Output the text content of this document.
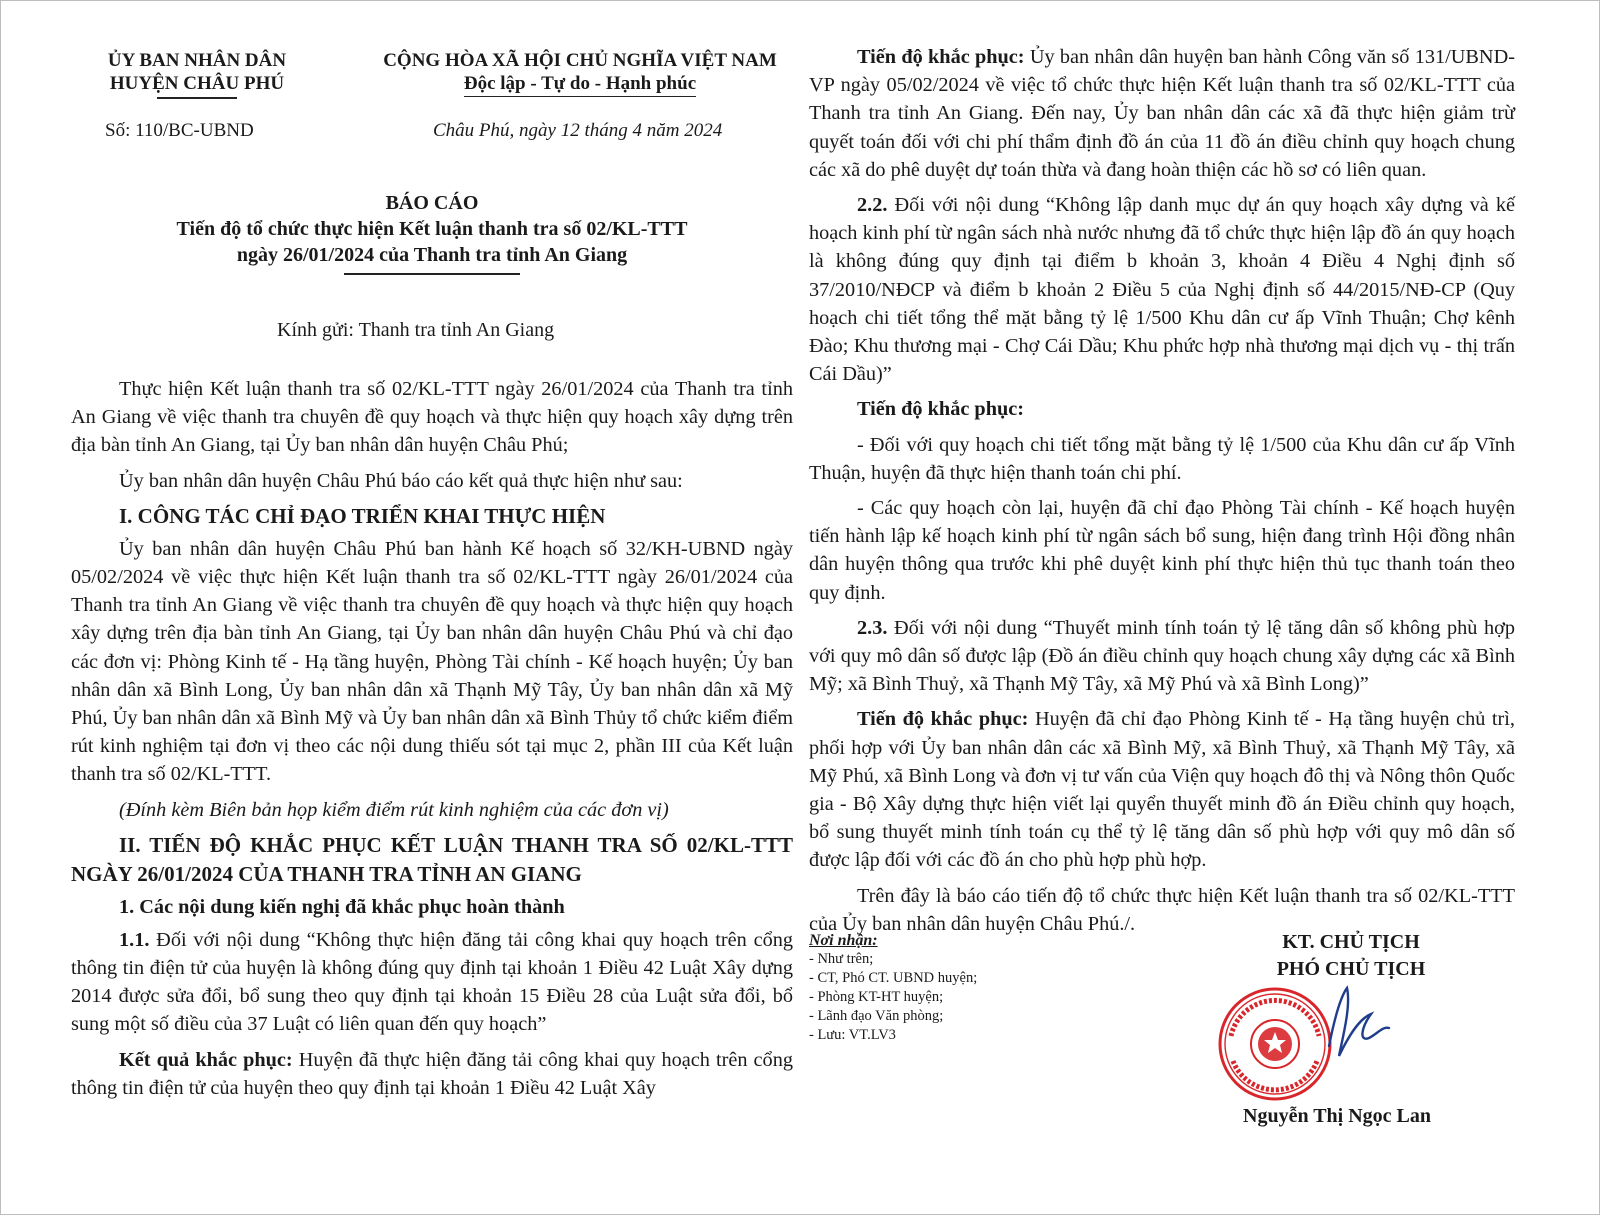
ỦY BAN NHÂN DÂN
HUYỆN CHÂU PHÚ
CỘNG HÒA XÃ HỘI CHỦ NGHĨA VIỆT NAM
Độc lập - Tự do - Hạnh phúc
Số: 110/BC-UBND	Châu Phú, ngày 12 tháng 4 năm 2024
BÁO CÁO
Tiến độ tổ chức thực hiện Kết luận thanh tra số 02/KL-TTT
ngày 26/01/2024 của Thanh tra tỉnh An Giang
Kính gửi: Thanh tra tỉnh An Giang

Thực hiện Kết luận thanh tra số 02/KL-TTT ngày 26/01/2024 của Thanh tra tỉnh An Giang về việc thanh tra chuyên đề quy hoạch và thực hiện quy hoạch xây dựng trên địa bàn tỉnh An Giang, tại Ủy ban nhân dân huyện Châu Phú;

Ủy ban nhân dân huyện Châu Phú báo cáo kết quả thực hiện như sau:

I. CÔNG TÁC CHỈ ĐẠO TRIỂN KHAI THỰC HIỆN

Ủy ban nhân dân huyện Châu Phú ban hành Kế hoạch số 32/KH-UBND ngày 05/02/2024 về việc thực hiện Kết luận thanh tra số 02/KL-TTT ngày 26/01/2024 của Thanh tra tỉnh An Giang về việc thanh tra chuyên đề quy hoạch và thực hiện quy hoạch xây dựng trên địa bàn tỉnh An Giang, tại Ủy ban nhân dân huyện Châu Phú và chỉ đạo các đơn vị: Phòng Kinh tế - Hạ tầng huyện, Phòng Tài chính - Kế hoạch huyện; Ủy ban nhân dân xã Bình Long, Ủy ban nhân dân xã Thạnh Mỹ Tây, Ủy ban nhân dân xã Mỹ Phú, Ủy ban nhân dân xã Bình Mỹ và Ủy ban nhân dân xã Bình Thủy tổ chức kiểm điểm rút kinh nghiệm tại đơn vị theo các nội dung thiếu sót tại mục 2, phần III của Kết luận thanh tra số 02/KL-TTT.

(Đính kèm Biên bản họp kiểm điểm rút kinh nghiệm của các đơn vị)

II. TIẾN ĐỘ KHẮC PHỤC KẾT LUẬN THANH TRA SỐ 02/KL-TTT NGÀY 26/01/2024 CỦA THANH TRA TỈNH AN GIANG
1. Các nội dung kiến nghị đã khắc phục hoàn thành

1.1. Đối với nội dung “Không thực hiện đăng tải công khai quy hoạch trên cổng thông tin điện tử của huyện là không đúng quy định tại khoản 1 Điều 42 Luật Xây dựng 2014 được sửa đổi, bổ sung theo quy định tại khoản 15 Điều 28 của Luật sửa đổi, bổ sung một số điều của 37 Luật có liên quan đến quy hoạch”

Kết quả khắc phục: Huyện đã thực hiện đăng tải công khai quy hoạch trên cổng thông tin điện tử của huyện theo quy định tại khoản 1 Điều 42 Luật Xây

Tiến độ khắc phục: Ủy ban nhân dân huyện ban hành Công văn số 131/UBND-VP ngày 05/02/2024 về việc tổ chức thực hiện Kết luận thanh tra số 02/KL-TTT của Thanh tra tỉnh An Giang. Đến nay, Ủy ban nhân dân các xã đã thực hiện giảm trừ quyết toán đối với chi phí thẩm định đồ án của 11 đồ án điều chỉnh quy hoạch chung các xã do phê duyệt dự toán thừa và đang hoàn thiện các hồ sơ có liên quan.

2.2. Đối với nội dung “Không lập danh mục dự án quy hoạch xây dựng và kế hoạch kinh phí từ ngân sách nhà nước nhưng đã tổ chức thực hiện lập đồ án quy hoạch là không đúng quy định tại điểm b khoản 3, khoản 4 Điều 4 Nghị định số 37/2010/NĐCP và điểm b khoản 2 Điều 5 của Nghị định số 44/2015/NĐ-CP (Quy hoạch chi tiết tổng thể mặt bằng tỷ lệ 1/500 Khu dân cư ấp Vĩnh Thuận; Chợ kênh Đào; Khu thương mại - Chợ Cái Dầu; Khu phức hợp nhà thương mại dịch vụ - thị trấn Cái Dầu)”

Tiến độ khắc phục:

- Đối với quy hoạch chi tiết tổng mặt bằng tỷ lệ 1/500 của Khu dân cư ấp Vĩnh Thuận, huyện đã thực hiện thanh toán chi phí.

- Các quy hoạch còn lại, huyện đã chỉ đạo Phòng Tài chính - Kế hoạch huyện tiến hành lập kế hoạch kinh phí từ ngân sách bổ sung, hiện đang trình Hội đồng nhân dân huyện thông qua trước khi phê duyệt kinh phí thực hiện thủ tục thanh toán theo quy định.

2.3. Đối với nội dung “Thuyết minh tính toán tỷ lệ tăng dân số không phù hợp với quy mô dân số được lập (Đồ án điều chỉnh quy hoạch chung xây dựng các xã Bình Mỹ; xã Bình Thuỷ, xã Thạnh Mỹ Tây, xã Mỹ Phú và xã Bình Long)”

Tiến độ khắc phục: Huyện đã chỉ đạo Phòng Kinh tế - Hạ tầng huyện chủ trì, phối hợp với Ủy ban nhân dân các xã Bình Mỹ, xã Bình Thuỷ, xã Thạnh Mỹ Tây, xã Mỹ Phú, xã Bình Long và đơn vị tư vấn của Viện quy hoạch đô thị và Nông thôn Quốc gia - Bộ Xây dựng thực hiện viết lại quyển thuyết minh đồ án Điều chỉnh quy hoạch, bổ sung thuyết minh tính toán cụ thể tỷ lệ tăng dân số phù hợp với quy mô dân số được lập đối với các đồ án cho phù hợp phù hợp.

Trên đây là báo cáo tiến độ tổ chức thực hiện Kết luận thanh tra số 02/KL-TTT của Ủy ban nhân dân huyện Châu Phú./.

Nơi nhận:
- Như trên;
- CT, Phó CT. UBND huyện;
- Phòng KT-HT huyện;
- Lãnh đạo Văn phòng;
- Lưu: VT.LV3
KT. CHỦ TỊCH
PHÓ CHỦ TỊCH
Nguyễn Thị Ngọc Lan
